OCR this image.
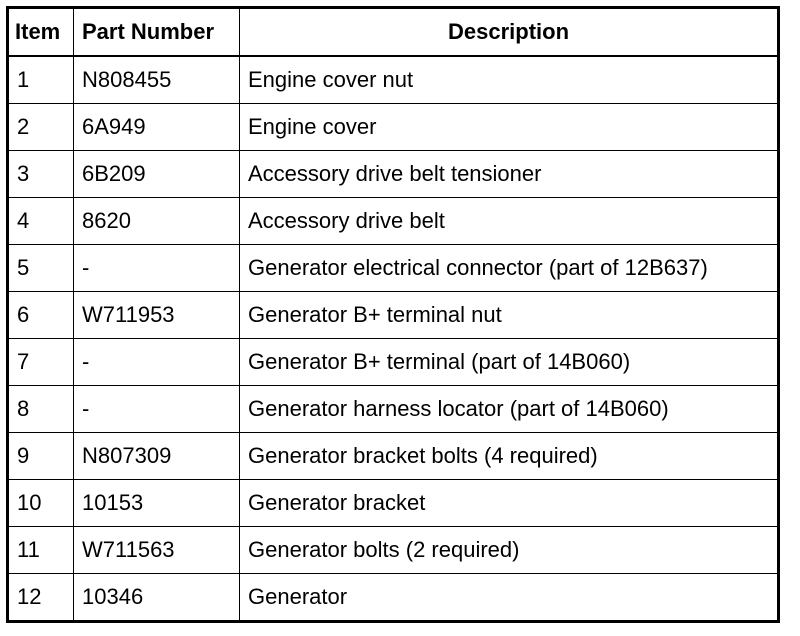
Item	Part Number	Description
1	N808455	Engine cover nut
2	6A949	Engine cover
3	6B209	Accessory drive belt tensioner
4	8620	Accessory drive belt
5	-	Generator electrical connector (part of 12B637)
6	W711953	Generator B+ terminal nut
7	-	Generator B+ terminal (part of 14B060)
8	-	Generator harness locator (part of 14B060)
9	N807309	Generator bracket bolts (4 required)
10	10153	Generator bracket
11	W711563	Generator bolts (2 required)
12	10346	Generator
